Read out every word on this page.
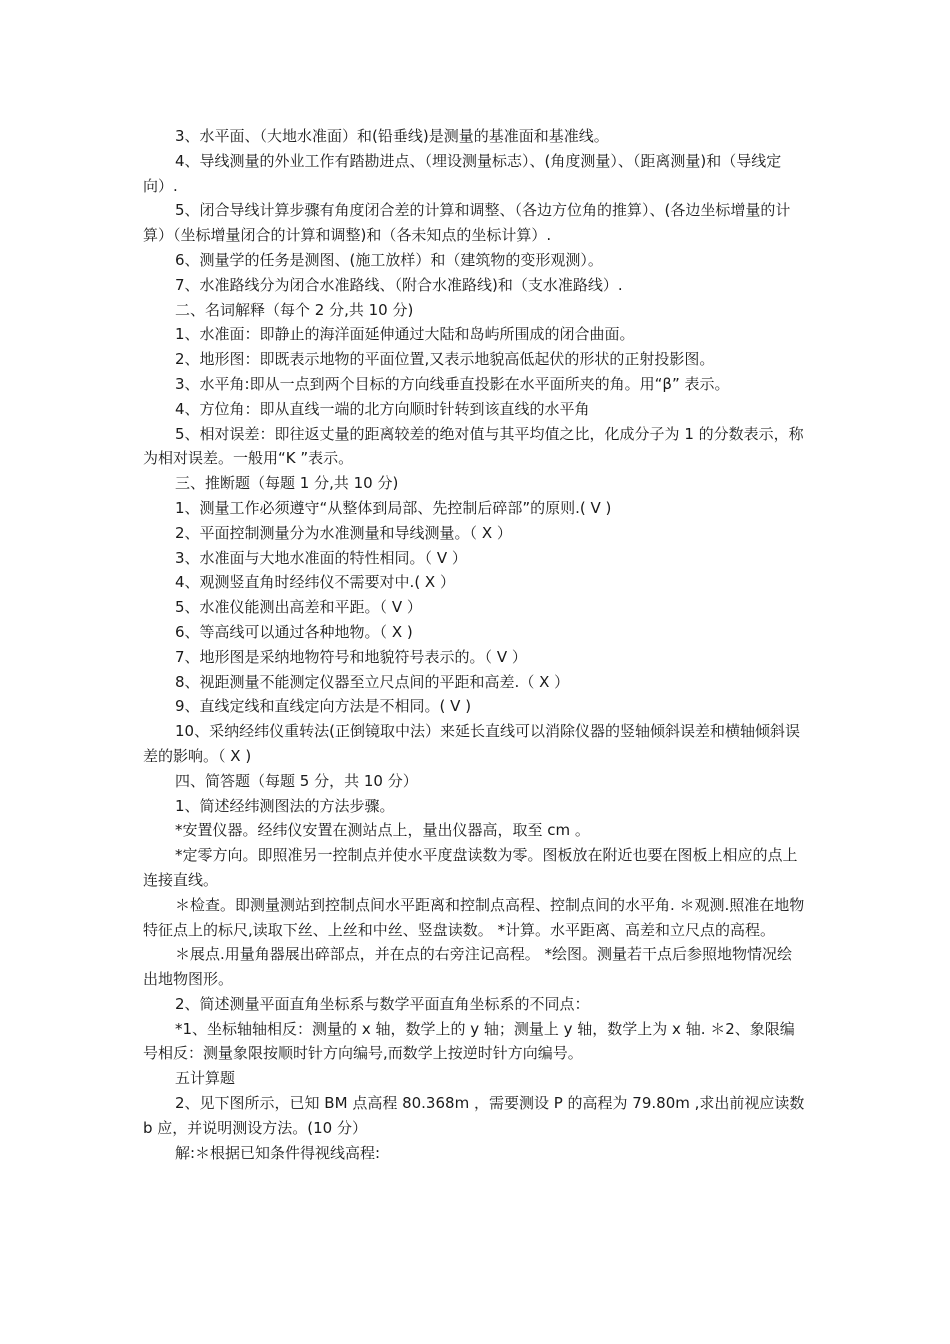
3、水平面、（大地水准面）和(铅垂线)是测量的基准面和基准线。

4、导线测量的外业工作有踏勘进点、（埋设测量标志）、(角度测量）、（距离测量)和（导线定向）.

5、闭合导线计算步骤有角度闭合差的计算和调整、（各边方位角的推算）、(各边坐标增量的计算）（坐标增量闭合的计算和调整)和（各未知点的坐标计算）.

6、测量学的任务是测图、(施工放样）和（建筑物的变形观测）。

7、水准路线分为闭合水准路线、（附合水准路线)和（支水准路线）.

二、名词解释（每个 2 分,共 10 分)

1、水准面：即静止的海洋面延伸通过大陆和岛屿所围成的闭合曲面。

2、地形图：即既表示地物的平面位置,又表示地貌高低起伏的形状的正射投影图。

3、水平角:即从一点到两个目标的方向线垂直投影在水平面所夹的角。用“β” 表示。

4、方位角：即从直线一端的北方向顺时针转到该直线的水平角

5、相对误差：即往返丈量的距离较差的绝对值与其平均值之比，化成分子为 1 的分数表示，称为相对误差。一般用“K ”表示。

三、推断题（每题 1 分,共 10 分)

1、测量工作必须遵守“从整体到局部、先控制后碎部”的原则.( V )

2、平面控制测量分为水准测量和导线测量。（ X ）

3、水准面与大地水准面的特性相同。（ V ）

4、观测竖直角时经纬仪不需要对中.( X ）

5、水准仪能测出高差和平距。（ V ）

6、等高线可以通过各种地物。（ X )

7、地形图是采纳地物符号和地貌符号表示的。（ V ）

8、视距测量不能测定仪器至立尺点间的平距和高差.（ X ）

9、直线定线和直线定向方法是不相同。( V )

10、采纳经纬仪重转法(正倒镜取中法）来延长直线可以消除仪器的竖轴倾斜误差和横轴倾斜误差的影响。（ X )

四、简答题（每题 5 分，共 10 分）

1、简述经纬测图法的方法步骤。

*安置仪器。经纬仪安置在测站点上，量出仪器高，取至 cm 。

*定零方向。即照准另一控制点并使水平度盘读数为零。图板放在附近也要在图板上相应的点上连接直线。

＊检查。即测量测站到控制点间水平距离和控制点高程、控制点间的水平角. ＊观测.照准在地物特征点上的标尺,读取下丝、上丝和中丝、竖盘读数。 *计算。水平距离、高差和立尺点的高程。

＊展点.用量角器展出碎部点，并在点的右旁注记高程。 *绘图。测量若干点后参照地物情况绘出地物图形。

2、简述测量平面直角坐标系与数学平面直角坐标系的不同点：

*1、坐标轴轴相反：测量的 x 轴，数学上的 y 轴；测量上 y 轴，数学上为 x 轴. ＊2、象限编号相反：测量象限按顺时针方向编号,而数学上按逆时针方向编号。

五计算题

2、见下图所示，已知 BM 点高程 80.368m ，需要测设 P 的高程为 79.80m ,求出前视应读数 b 应，并说明测设方法。(10 分）

解:＊根据已知条件得视线高程:
